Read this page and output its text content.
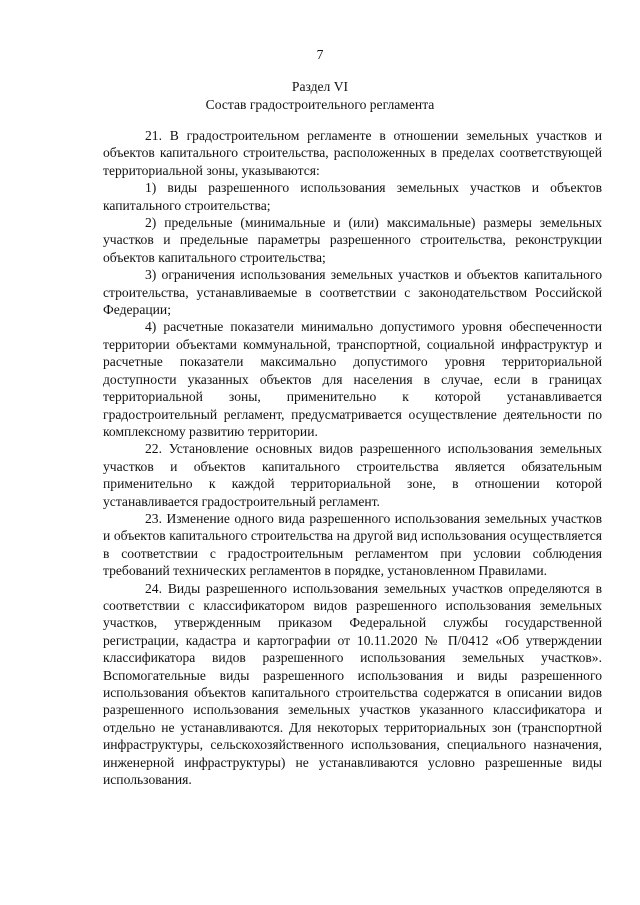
7
Раздел VI
Состав градостроительного регламента

21. В градостроительном регламенте в отношении земельных участков и объектов капитального строительства, расположенных в пределах соответствующей территориальной зоны, указываются:

1) виды разрешенного использования земельных участков и объектов капитального строительства;

2) предельные (минимальные и (или) максимальные) размеры земельных участков и предельные параметры разрешенного строительства, реконструкции объектов капитального строительства;

3) ограничения использования земельных участков и объектов капитального строительства, устанавливаемые в соответствии с законодательством Российской Федерации;

4) расчетные показатели минимально допустимого уровня обеспеченности территории объектами коммунальной, транспортной, социальной инфраструктур и расчетные показатели максимально допустимого уровня территориальной доступности указанных объектов для населения в случае, если в границах территориальной зоны, применительно к которой устанавливается градостроительный регламент, предусматривается осуществление деятельности по комплексному развитию территории.

22. Установление основных видов разрешенного использования земельных участков и объектов капитального строительства является обязательным применительно к каждой территориальной зоне, в отношении которой устанавливается градостроительный регламент.

23. Изменение одного вида разрешенного использования земельных участков и объектов капитального строительства на другой вид использования осуществляется в соответствии с градостроительным регламентом при условии соблюдения требований технических регламентов в порядке, установленном Правилами.

24. Виды разрешенного использования земельных участков определяются в соответствии с классификатором видов разрешенного использования земельных участков, утвержденным приказом Федеральной службы государственной регистрации, кадастра и картографии от 10.11.2020 № П/0412 «Об утверждении классификатора видов разрешенного использования земельных участков». Вспомогательные виды разрешенного использования и виды разрешенного использования объектов капитального строительства содержатся в описании видов разрешенного использования земельных участков указанного классификатора и отдельно не устанавливаются. Для некоторых территориальных зон (транспортной инфраструктуры, сельскохозяйственного использования, специального назначения, инженерной инфраструктуры) не устанавливаются условно разрешенные виды использования.
